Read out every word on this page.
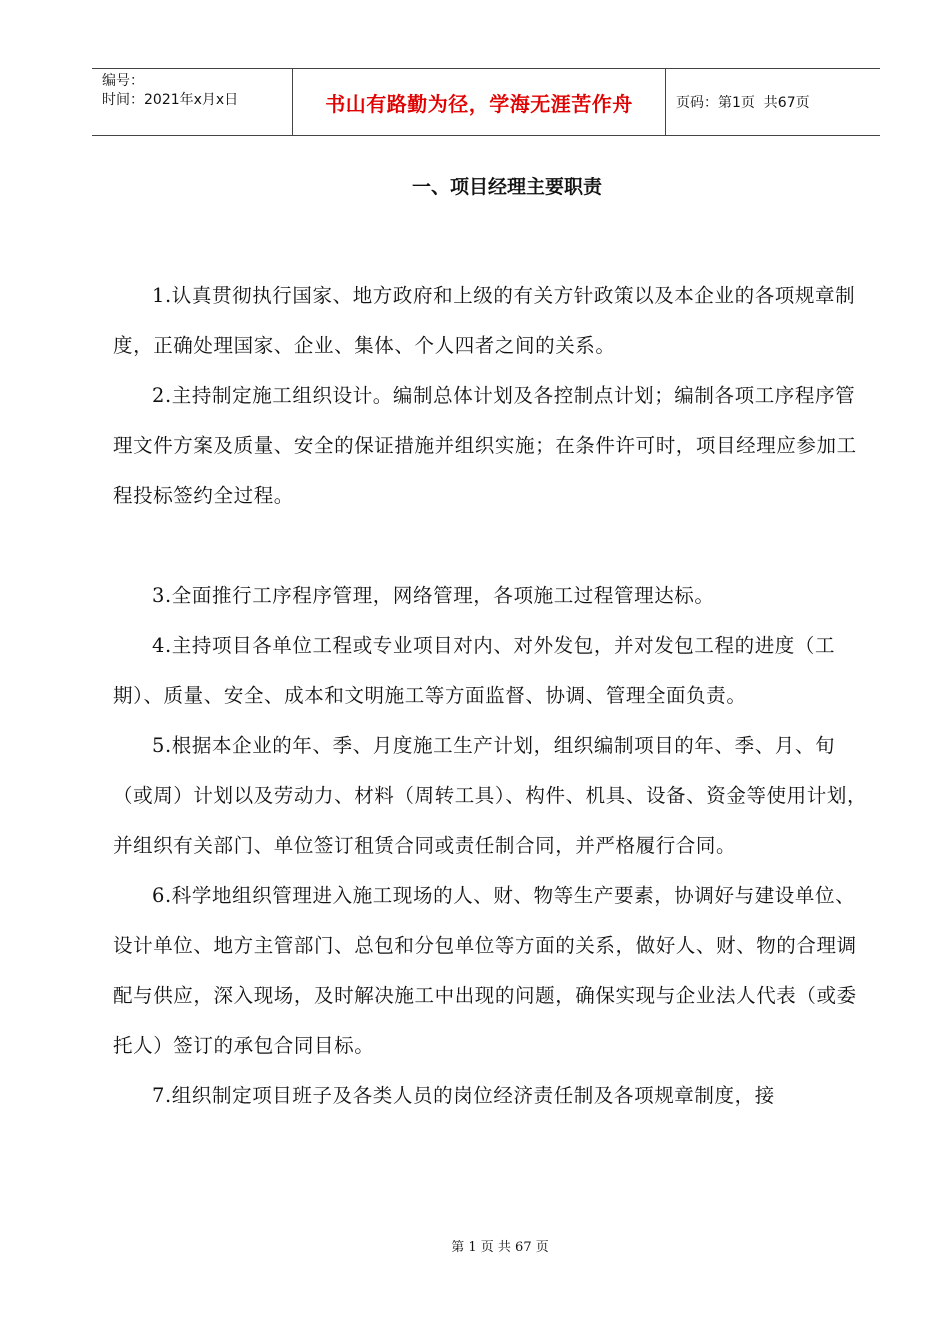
编号：
时间：2021年x月x日	书山有路勤为径，学海无涯苦作舟	页码：第1页  共67页
一、项目经理主要职责

1.认真贯彻执行国家、地方政府和上级的有关方针政策以及本企业的各项规章制度，正确处理国家、企业、集体、个人四者之间的关系。

2.主持制定施工组织设计。编制总体计划及各控制点计划；编制各项工序程序管理文件方案及质量、安全的保证措施并组织实施；在条件许可时，项目经理应参加工程投标签约全过程。

3.全面推行工序程序管理，网络管理，各项施工过程管理达标。

4.主持项目各单位工程或专业项目对内、对外发包，并对发包工程的进度（工期）、质量、安全、成本和文明施工等方面监督、协调、管理全面负责。

5.根据本企业的年、季、月度施工生产计划，组织编制项目的年、季、月、旬（或周）计划以及劳动力、材料（周转工具）、构件、机具、设备、资金等使用计划，并组织有关部门、单位签订租赁合同或责任制合同，并严格履行合同。

6.科学地组织管理进入施工现场的人、财、物等生产要素，协调好与建设单位、设计单位、地方主管部门、总包和分包单位等方面的关系，做好人、财、物的合理调配与供应，深入现场，及时解决施工中出现的问题，确保实现与企业法人代表（或委托人）签订的承包合同目标。

7.组织制定项目班子及各类人员的岗位经济责任制及各项规章制度，接

第 1 页 共 67 页
